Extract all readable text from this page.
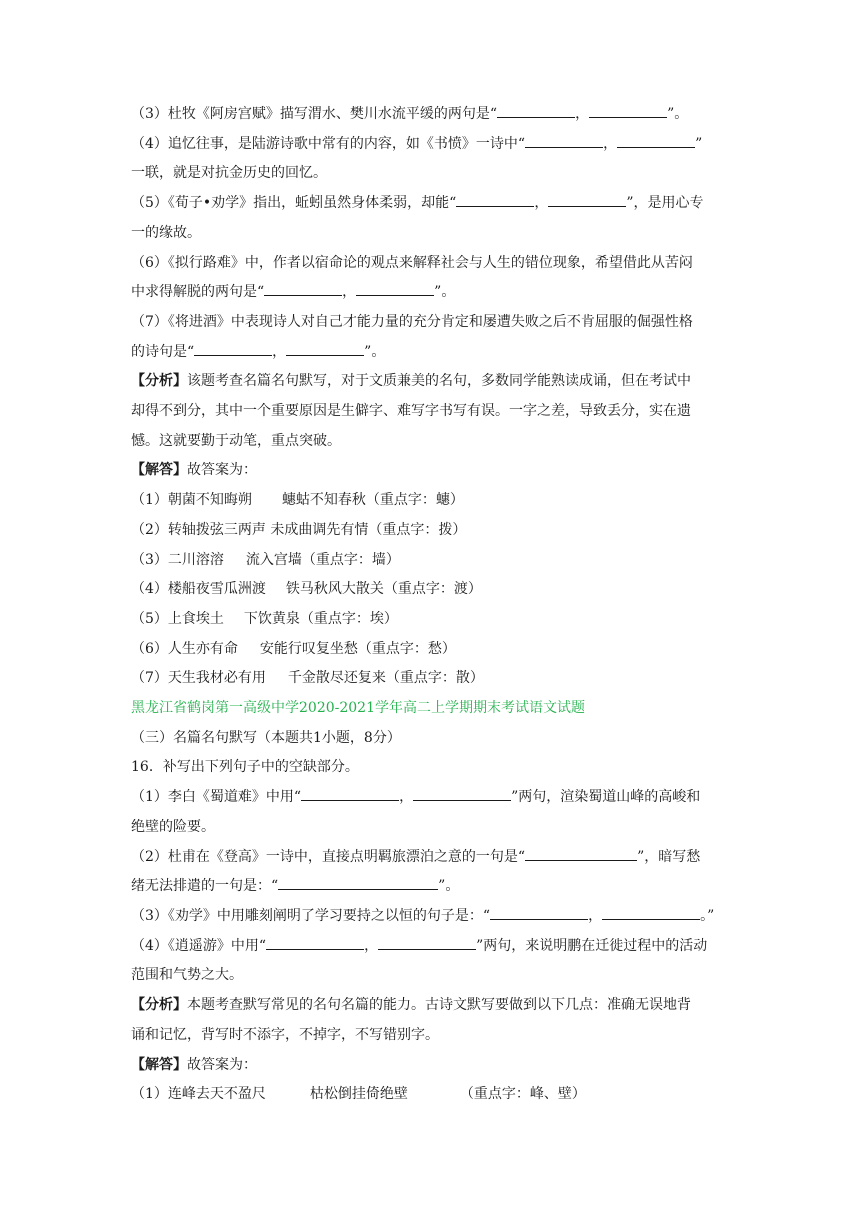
（3）杜牧《阿房宫赋》描写渭水、樊川水流平缓的两句是“	，	”。

（4）追忆往事，是陆游诗歌中常有的内容，如《书愤》一诗中“	，	”

一联，就是对抗金历史的回忆。

（5）《荀子•劝学》指出，蚯蚓虽然身体柔弱，却能“	，	”，是用心专

一的缘故。

（6）《拟行路难》中，作者以宿命论的观点来解释社会与人生的错位现象，希望借此从苦闷

中求得解脱的两句是“	，	”。

（7）《将进酒》中表现诗人对自己才能力量的充分肯定和屡遭失败之后不肯屈服的倔强性格

的诗句是“	，	”。

【分析】该题考查名篇名句默写，对于文质兼美的名句，多数同学能熟读成诵，但在考试中

却得不到分，其中一个重要原因是生僻字、难写字书写有误。一字之差，导致丢分，实在遗

憾。这就要勤于动笔，重点突破。

【解答】故答案为：

（1）朝菌不知晦朔 蟪蛄不知春秋（重点字：蟪）

（2）转轴拨弦三两声 未成曲调先有情（重点字：拨）

（3）二川溶溶 流入宫墙（重点字：墙）

（4）楼船夜雪瓜洲渡 铁马秋风大散关（重点字：渡）

（5）上食埃土 下饮黄泉（重点字：埃）

（6）人生亦有命 安能行叹复坐愁（重点字：愁）

（7）天生我材必有用 千金散尽还复来（重点字：散）

黑龙江省鹤岗第一高级中学2020-2021学年高二上学期期末考试语文试题

（三）名篇名句默写（本题共1小题，8分）

16．补写出下列句子中的空缺部分。

（1）李白《蜀道难》中用“	，	”两句，渲染蜀道山峰的高峻和

绝壁的险要。

（2）杜甫在《登高》一诗中，直接点明羁旅漂泊之意的一句是“	”，暗写愁

绪无法排遣的一句是：“	”。

（3）《劝学》中用雕刻阐明了学习要持之以恒的句子是：“	，	。”

（4）《逍遥游》中用“	，	”两句，来说明鹏在迁徙过程中的活动

范围和气势之大。

【分析】本题考查默写常见的名句名篇的能力。古诗文默写要做到以下几点：准确无误地背

诵和记忆，背写时不添字，不掉字，不写错别字。

【解答】故答案为：

（1）连峰去天不盈尺	枯松倒挂倚绝壁	（重点字：峰、壁）
